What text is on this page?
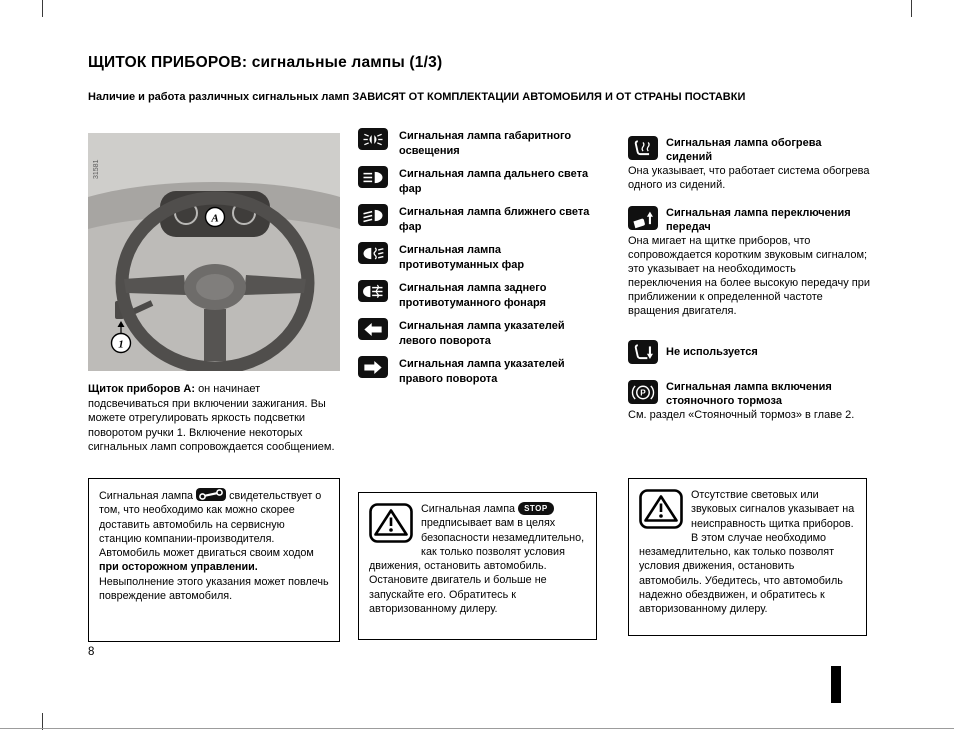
ЩИТОК ПРИБОРОВ: сигнальные лампы (1/3)
Наличие и работа различных сигнальных ламп ЗАВИСЯТ ОТ КОМПЛЕКТАЦИИ АВТОМОБИЛЯ И ОТ СТРАНЫ ПОСТАВКИ
A
1
31581
Щиток приборов A: он начинает подсвечиваться при включении зажигания. Вы можете отрегулировать яркость подсветки поворотом ручки 1. Включение некоторых сигнальных ламп сопровождается сообщением.
Сигнальная лампа габаритного освещения
Сигнальная лампа дальнего света фар
Сигнальная лампа ближнего света фар
Сигнальная лампа противотуманных фар
Сигнальная лампа заднего противотуманного фонаря
Сигнальная лампа указателей левого поворота
Сигнальная лампа указателей правого поворота
Сигнальная лампа обогрева сидений
Она указывает, что работает система обогрева одного из сидений.
Сигнальная лампа переключения передач
Она мигает на щитке приборов, что сопровождается коротким звуковым сигналом; это указывает на необходимость переключения на более высокую передачу при приближении к определенной частоте вращения двигателя.
Не используется
P Сигнальная лампа включения стояночного тормоза
См. раздел «Стояночный тормоз» в главе 2.
Сигнальная лампа	свидетельствует о том, что необходимо как можно скорее доставить автомобиль на сервисную станцию компании-производителя. Автомобиль может двигаться своим ходом при осторожном управлении. Невыполнение этого указания может повлечь повреждение автомобиля.
Сигнальная лампа STOP предписывает вам в целях безопасности незамедлительно, как только позволят условия движения, остановить автомобиль. Остановите двигатель и больше не запускайте его. Обратитесь к авторизованному дилеру.
Отсутствие световых или звуковых сигналов указывает на неисправность щитка приборов. В этом случае необходимо незамедлительно, как только позволят условия движения, остановить автомобиль. Убедитесь, что автомобиль надежно обездвижен, и обратитесь к авторизованному дилеру.
8
